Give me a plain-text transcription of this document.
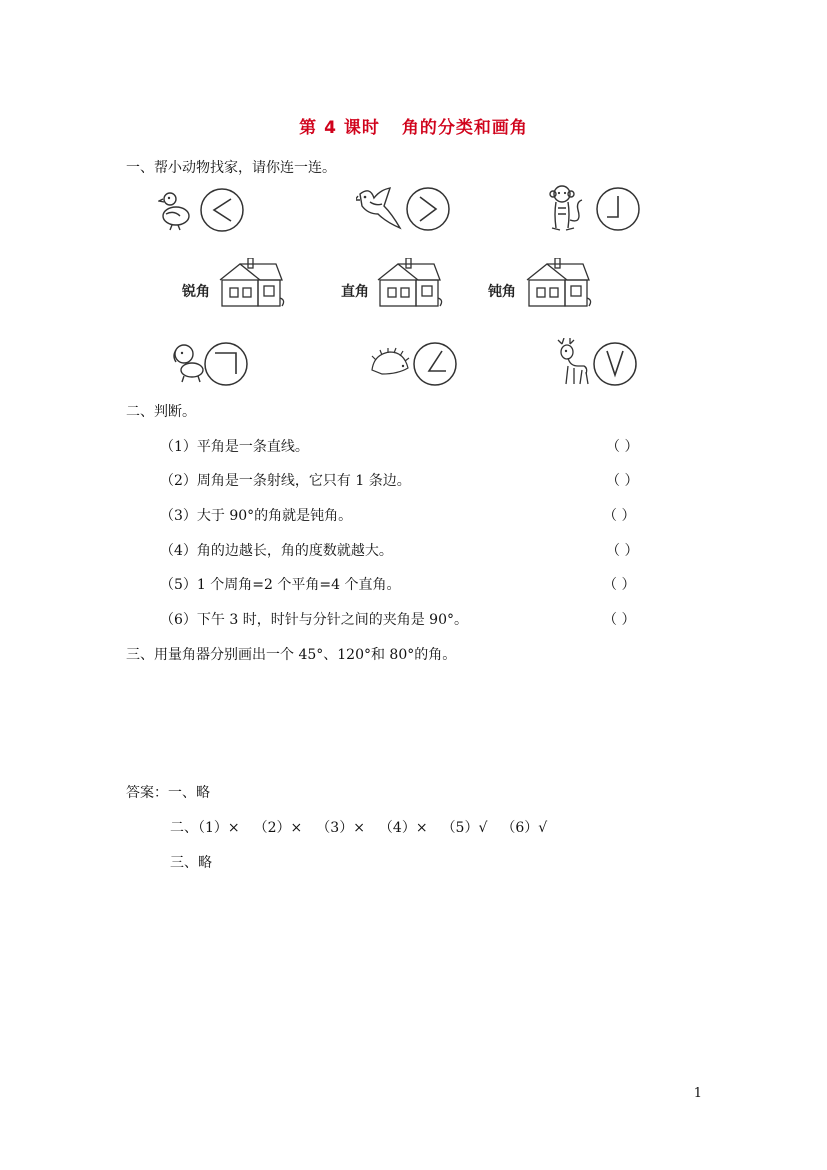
第 4 课时 角的分类和画角
一、帮小动物找家，请你连一连。
锐角	直角	钝角
二、判断。
（1）平角是一条直线。	（ ）
（2）周角是一条射线，它只有 1 条边。	（ ）
（3）大于 90°的角就是钝角。	（ ）
（4）角的边越长，角的度数就越大。	（ ）
（5）1 个周角=2 个平角=4 个直角。	（ ）
（6）下午 3 时，时针与分针之间的夹角是 90°。	（ ）
三、用量角器分别画出一个 45°、120°和 80°的角。
答案：一、略
二、（1）× （2）× （3）× （4）× （5）√ （6）√
三、略
1
